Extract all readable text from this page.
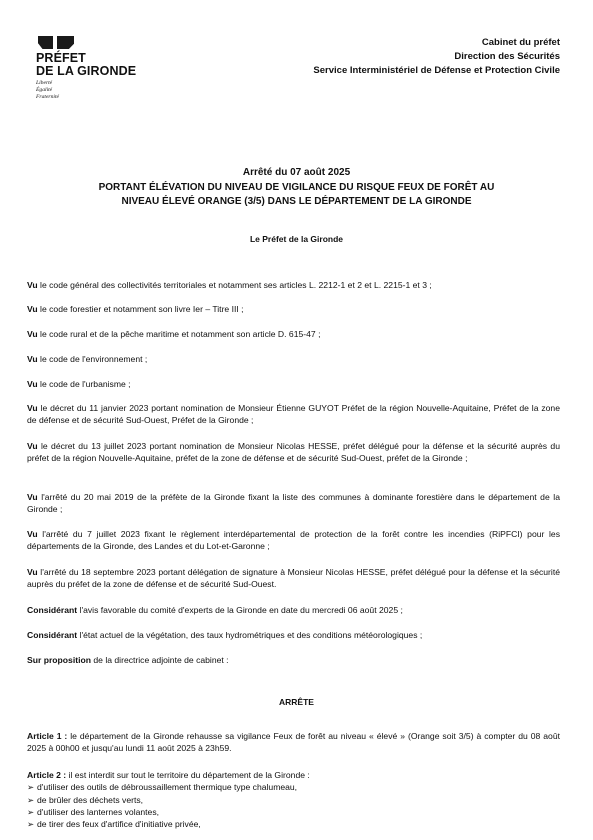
PRÉFET
DE LA GIRONDE
Liberté
Égalité
Fraternité
Cabinet du préfet
Direction des Sécurités
Service Interministériel de Défense et Protection Civile
Arrêté du 07 août 2025
PORTANT ÉLÉVATION DU NIVEAU DE VIGILANCE DU RISQUE FEUX DE FORÊT AU
NIVEAU ÉLEVÉ ORANGE (3/5) DANS LE DÉPARTEMENT DE LA GIRONDE
Le Préfet de la Gironde

Vu le code général des collectivités territoriales et notamment ses articles L. 2212-1 et 2 et L. 2215-1 et 3 ;

Vu le code forestier et notamment son livre Ier – Titre III ;

Vu le code rural et de la pêche maritime et notamment son article D. 615-47 ;

Vu le code de l'environnement ;

Vu le code de l'urbanisme ;

Vu le décret du 11 janvier 2023 portant nomination de Monsieur Étienne GUYOT Préfet de la région Nouvelle-Aquitaine, Préfet de la zone de défense et de sécurité Sud-Ouest, Préfet de la Gironde ;

Vu le décret du 13 juillet 2023 portant nomination de Monsieur Nicolas HESSE, préfet délégué pour la défense et la sécurité auprès du préfet de la région Nouvelle-Aquitaine, préfet de la zone de défense et de sécurité Sud-Ouest, préfet de la Gironde ;

Vu l'arrêté du 20 mai 2019 de la préfète de la Gironde fixant la liste des communes à dominante forestière dans le département de la Gironde ;

Vu l'arrêté du 7 juillet 2023 fixant le règlement interdépartemental de protection de la forêt contre les incendies (RiPFCI) pour les départements de la Gironde, des Landes et du Lot-et-Garonne ;

Vu l'arrêté du 18 septembre 2023 portant délégation de signature à Monsieur Nicolas HESSE, préfet délégué pour la défense et la sécurité auprès du préfet de la zone de défense et de sécurité Sud-Ouest.

Considérant l'avis favorable du comité d'experts de la Gironde en date du mercredi 06 août 2025 ;

Considérant l'état actuel de la végétation, des taux hydrométriques et des conditions météorologiques ;

Sur proposition de la directrice adjointe de cabinet :

ARRÊTE
Article 1 : le département de la Gironde rehausse sa vigilance Feux de forêt au niveau « élevé » (Orange soit 3/5) à compter du 08 août 2025 à 00h00 et jusqu'au lundi 11 août 2025 à 23h59.
Article 2 : il est interdit sur tout le territoire du département de la Gironde :
➢ d'utiliser des outils de débroussaillement thermique type chalumeau,
➢ de brûler des déchets verts,
➢ d'utiliser des lanternes volantes,
➢ de tirer des feux d'artifice d'initiative privée,
